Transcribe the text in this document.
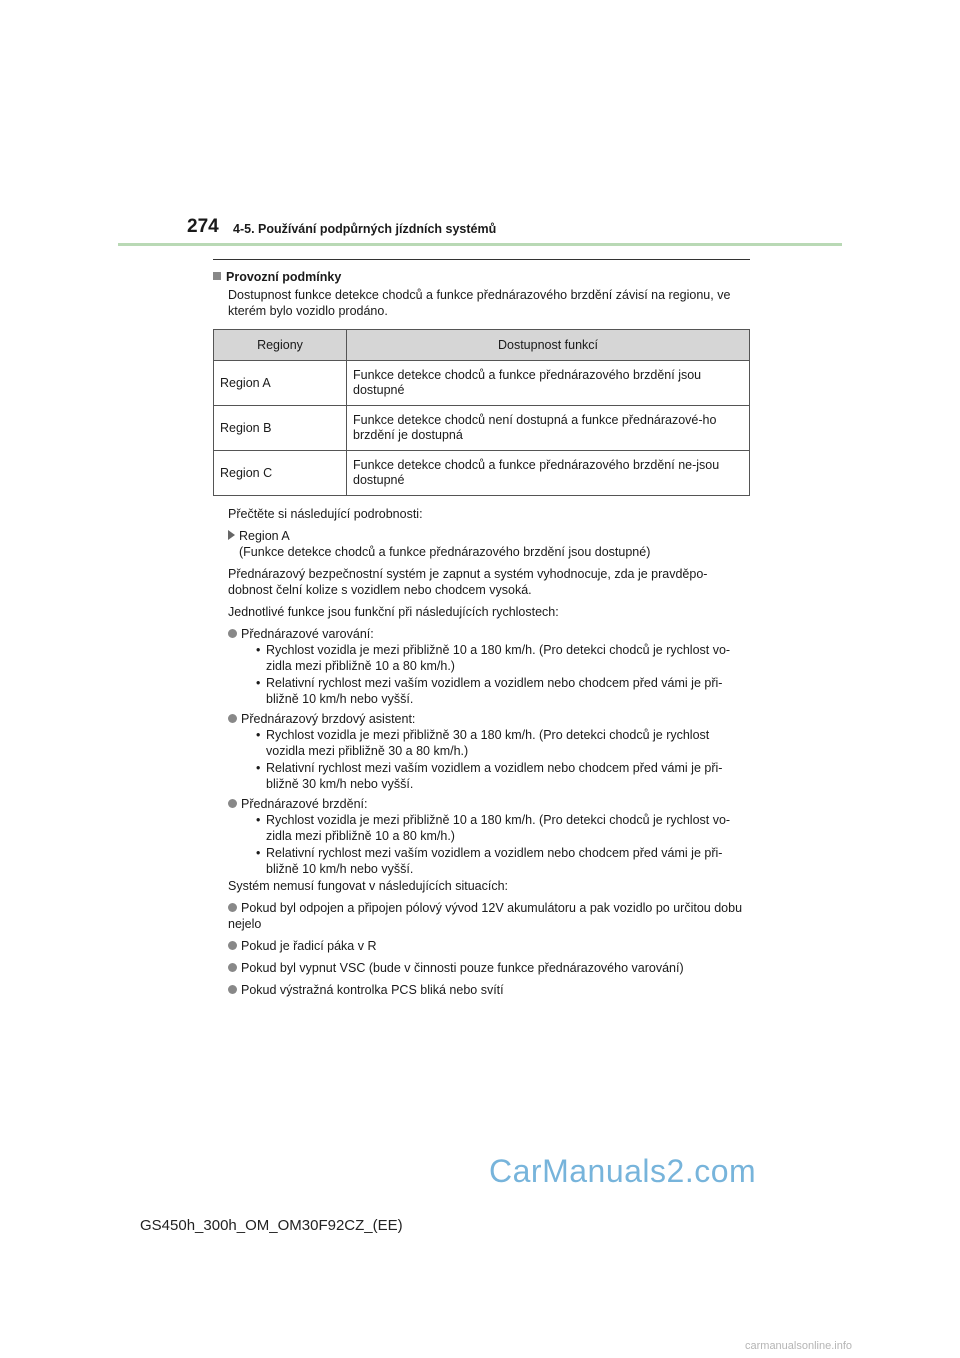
274 4-5. Používání podpůrných jízdních systémů
Provozní podmínky

Dostupnost funkce detekce chodců a funkce přednárazového brzdění závisí na regionu, ve kterém bylo vozidlo prodáno.

Regiony	Dostupnost funkcí
Region A	Funkce detekce chodců a funkce přednárazového brzdění jsou dostupné
Region B	Funkce detekce chodců není dostupná a funkce přednárazové-ho brzdění je dostupná
Region C	Funkce detekce chodců a funkce přednárazového brzdění ne-jsou dostupné

Přečtěte si následující podrobnosti:

Region A
(Funkce detekce chodců a funkce přednárazového brzdění jsou dostupné)

Přednárazový bezpečnostní systém je zapnut a systém vyhodnocuje, zda je pravděpo-dobnost čelní kolize s vozidlem nebo chodcem vysoká.

Jednotlivé funkce jsou funkční při následujících rychlostech:

Přednárazové varování:
• Rychlost vozidla je mezi přibližně 10 a 180 km/h. (Pro detekci chodců je rychlost vo-zidla mezi přibližně 10 a 80 km/h.)
• Relativní rychlost mezi vaším vozidlem a vozidlem nebo chodcem před vámi je při-bližně 10 km/h nebo vyšší.
Přednárazový brzdový asistent:
• Rychlost vozidla je mezi přibližně 30 a 180 km/h. (Pro detekci chodců je rychlost vozidla mezi přibližně 30 a 80 km/h.)
• Relativní rychlost mezi vaším vozidlem a vozidlem nebo chodcem před vámi je při-bližně 30 km/h nebo vyšší.
Přednárazové brzdění:
• Rychlost vozidla je mezi přibližně 10 a 180 km/h. (Pro detekci chodců je rychlost vo-zidla mezi přibližně 10 a 80 km/h.)
• Relativní rychlost mezi vaším vozidlem a vozidlem nebo chodcem před vámi je při-bližně 10 km/h nebo vyšší.

Systém nemusí fungovat v následujících situacích:

Pokud byl odpojen a připojen pólový vývod 12V akumulátoru a pak vozidlo po určitou dobu nejelo
Pokud je řadicí páka v R
Pokud byl vypnut VSC (bude v činnosti pouze funkce přednárazového varování)
Pokud výstražná kontrolka PCS bliká nebo svítí
CarManuals2.com
GS450h_300h_OM_OM30F92CZ_(EE)
carmanualsonline.info
